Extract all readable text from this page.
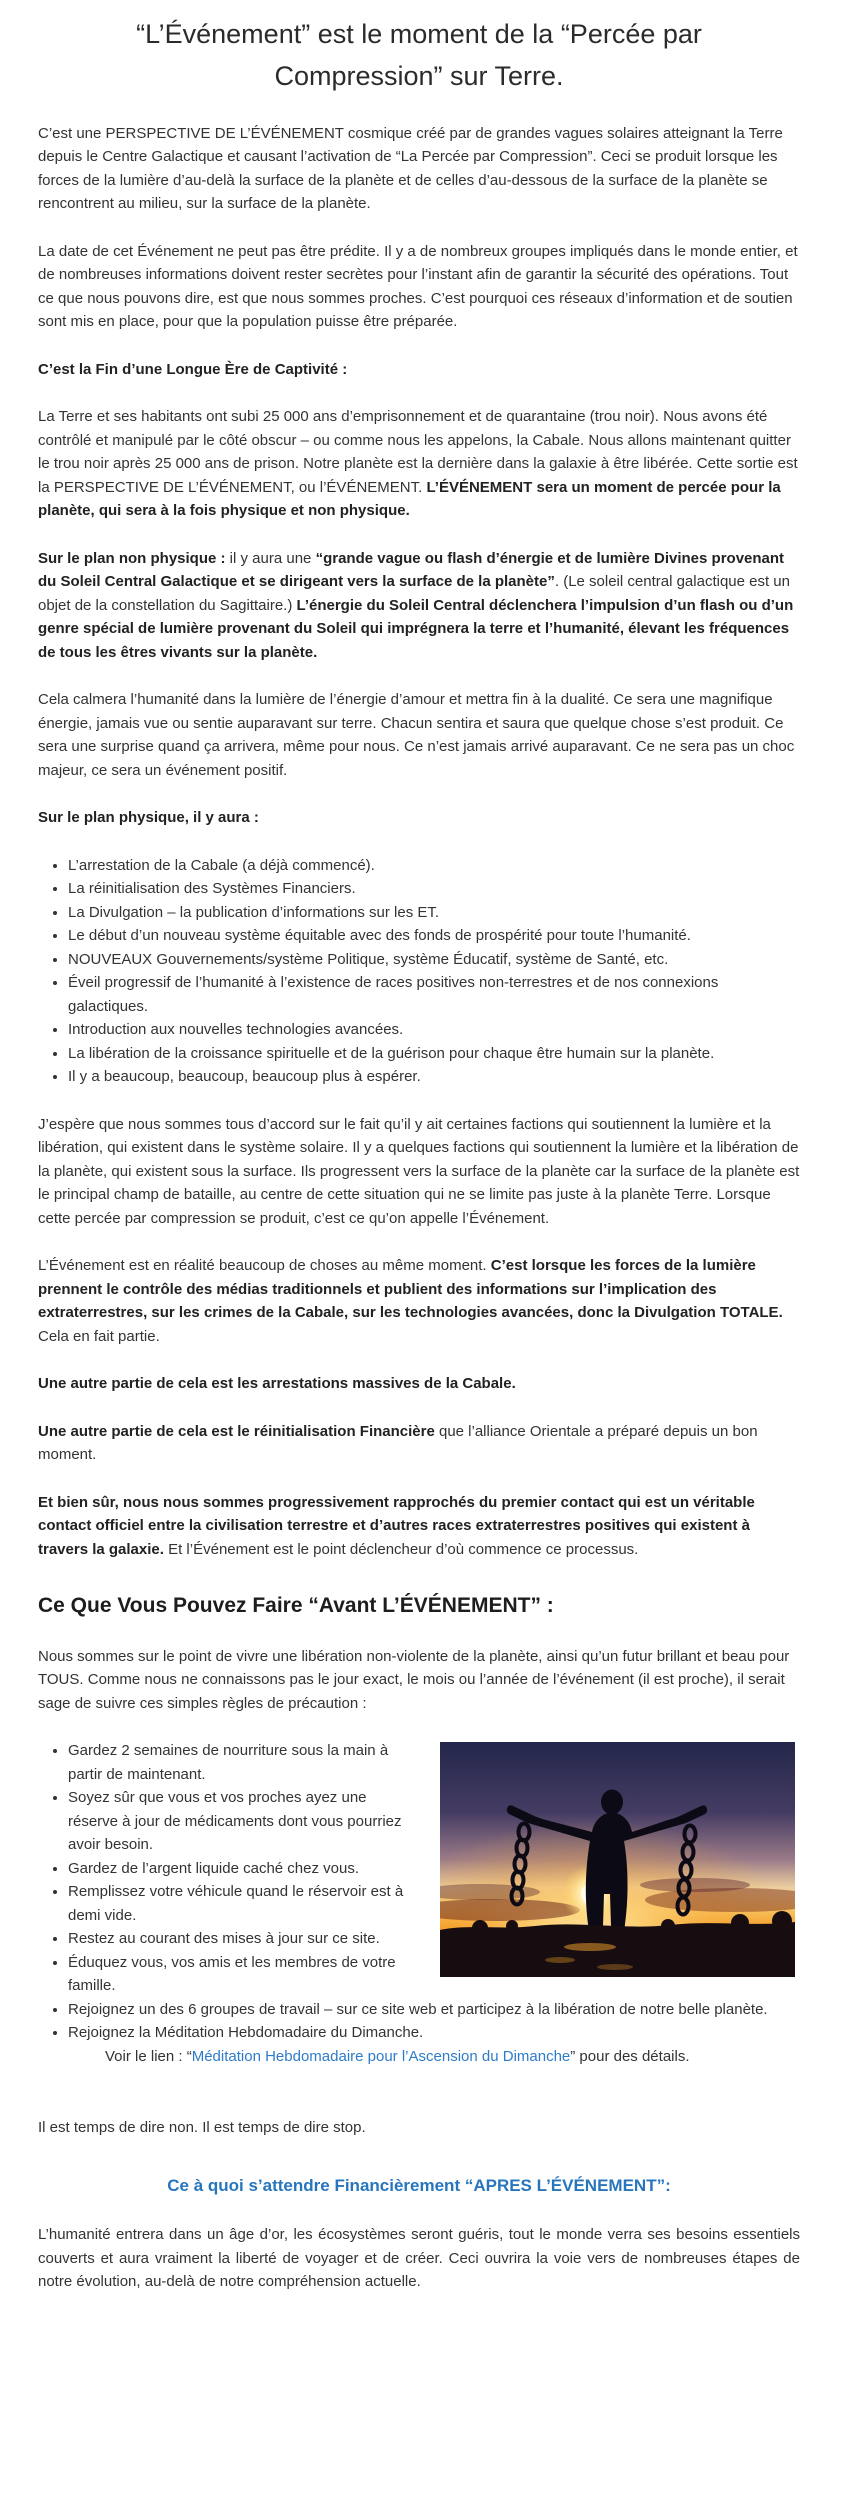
“L’Événement” est le moment de la “Percée par Compression” sur Terre.

C’est une PERSPECTIVE DE L’ÉVÉNEMENT cosmique créé par de grandes vagues solaires atteignant la Terre depuis le Centre Galactique et causant l’activation de “La Percée par Compression”. Ceci se produit lorsque les forces de la lumière d’au-delà la surface de la planète et de celles d’au-dessous de la surface de la planète se rencontrent au milieu, sur la surface de la planète.

La date de cet Événement ne peut pas être prédite. Il y a de nombreux groupes impliqués dans le monde entier, et de nombreuses informations doivent rester secrètes pour l’instant afin de garantir la sécurité des opérations. Tout ce que nous pouvons dire, est que nous sommes proches. C’est pourquoi ces réseaux d’information et de soutien sont mis en place, pour que la population puisse être préparée.

C’est la Fin d’une Longue Ère de Captivité :

La Terre et ses habitants ont subi 25 000 ans d’emprisonnement et de quarantaine (trou noir). Nous avons été contrôlé et manipulé par le côté obscur – ou comme nous les appelons, la Cabale. Nous allons maintenant quitter le trou noir après 25 000 ans de prison. Notre planète est la dernière dans la galaxie à être libérée. Cette sortie est la PERSPECTIVE DE L’ÉVÉNEMENT, ou l’ÉVÉNEMENT. L’ÉVÉNEMENT sera un moment de percée pour la planète, qui sera à la fois physique et non physique.

Sur le plan non physique : il y aura une “grande vague ou flash d’énergie et de lumière Divines provenant du Soleil Central Galactique et se dirigeant vers la surface de la planète”. (Le soleil central galactique est un objet de la constellation du Sagittaire.) L’énergie du Soleil Central déclenchera l’impulsion d’un flash ou d’un genre spécial de lumière provenant du Soleil qui imprégnera la terre et l’humanité, élevant les fréquences de tous les êtres vivants sur la planète.

Cela calmera l’humanité dans la lumière de l’énergie d’amour et mettra fin à la dualité. Ce sera une magnifique énergie, jamais vue ou sentie auparavant sur terre. Chacun sentira et saura que quelque chose s’est produit. Ce sera une surprise quand ça arrivera, même pour nous. Ce n’est jamais arrivé auparavant. Ce ne sera pas un choc majeur, ce sera un événement positif.

Sur le plan physique, il y aura :

• L’arrestation de la Cabale (a déjà commencé).
• La réinitialisation des Systèmes Financiers.
• La Divulgation – la publication d’informations sur les ET.
• Le début d’un nouveau système équitable avec des fonds de prospérité pour toute l’humanité.
• NOUVEAUX Gouvernements/système Politique, système Éducatif, système de Santé, etc.
• Éveil progressif de l’humanité à l’existence de races positives non-terrestres et de nos connexions galactiques.
• Introduction aux nouvelles technologies avancées.
• La libération de la croissance spirituelle et de la guérison pour chaque être humain sur la planète.
• Il y a beaucoup, beaucoup, beaucoup plus à espérer.

J’espère que nous sommes tous d’accord sur le fait qu’il y ait certaines factions qui soutiennent la lumière et la libération, qui existent dans le système solaire. Il y a quelques factions qui soutiennent la lumière et la libération de la planète, qui existent sous la surface. Ils progressent vers la surface de la planète car la surface de la planète est le principal champ de bataille, au centre de cette situation qui ne se limite pas juste à la planète Terre. Lorsque cette percée par compression se produit, c’est ce qu’on appelle l’Événement.

L’Événement est en réalité beaucoup de choses au même moment. C’est lorsque les forces de la lumière prennent le contrôle des médias traditionnels et publient des informations sur l’implication des extraterrestres, sur les crimes de la Cabale, sur les technologies avancées, donc la Divulgation TOTALE. Cela en fait partie.

Une autre partie de cela est les arrestations massives de la Cabale.

Une autre partie de cela est le réinitialisation Financière que l’alliance Orientale a préparé depuis un bon moment.

Et bien sûr, nous nous sommes progressivement rapprochés du premier contact qui est un véritable contact officiel entre la civilisation terrestre et d’autres races extraterrestres positives qui existent à travers la galaxie. Et l’Événement est le point déclencheur d’où commence ce processus.

Ce Que Vous Pouvez Faire “Avant L’ÉVÉNEMENT” :

Nous sommes sur le point de vivre une libération non-violente de la planète, ainsi qu’un futur brillant et beau pour TOUS. Comme nous ne connaissons pas le jour exact, le mois ou l’année de l’événement (il est proche), il serait sage de suivre ces simples règles de précaution :

• Gardez 2 semaines de nourriture sous la main à partir de maintenant.
• Soyez sûr que vous et vos proches ayez une réserve à jour de médicaments dont vous pourriez avoir besoin.
• Gardez de l’argent liquide caché chez vous.
• Remplissez votre véhicule quand le réservoir est à demi vide.
• Restez au courant des mises à jour sur ce site.
• Éduquez vous, vos amis et les membres de votre famille.
• Rejoignez un des 6 groupes de travail – sur ce site web et participez à la libération de notre belle planète.
• Rejoignez la Méditation Hebdomadaire du Dimanche.
Voir le lien : “Méditation Hebdomadaire pour l’Ascension du Dimanche” pour des détails.

Il est temps de dire non. Il est temps de dire stop.

Ce à quoi s’attendre Financièrement “APRES L’ÉVÉNEMENT”:

L’humanité entrera dans un âge d’or, les écosystèmes seront guéris, tout le monde verra ses besoins essentiels couverts et aura vraiment la liberté de voyager et de créer. Ceci ouvrira la voie vers de nombreuses étapes de notre évolution, au-delà de notre compréhension actuelle.
